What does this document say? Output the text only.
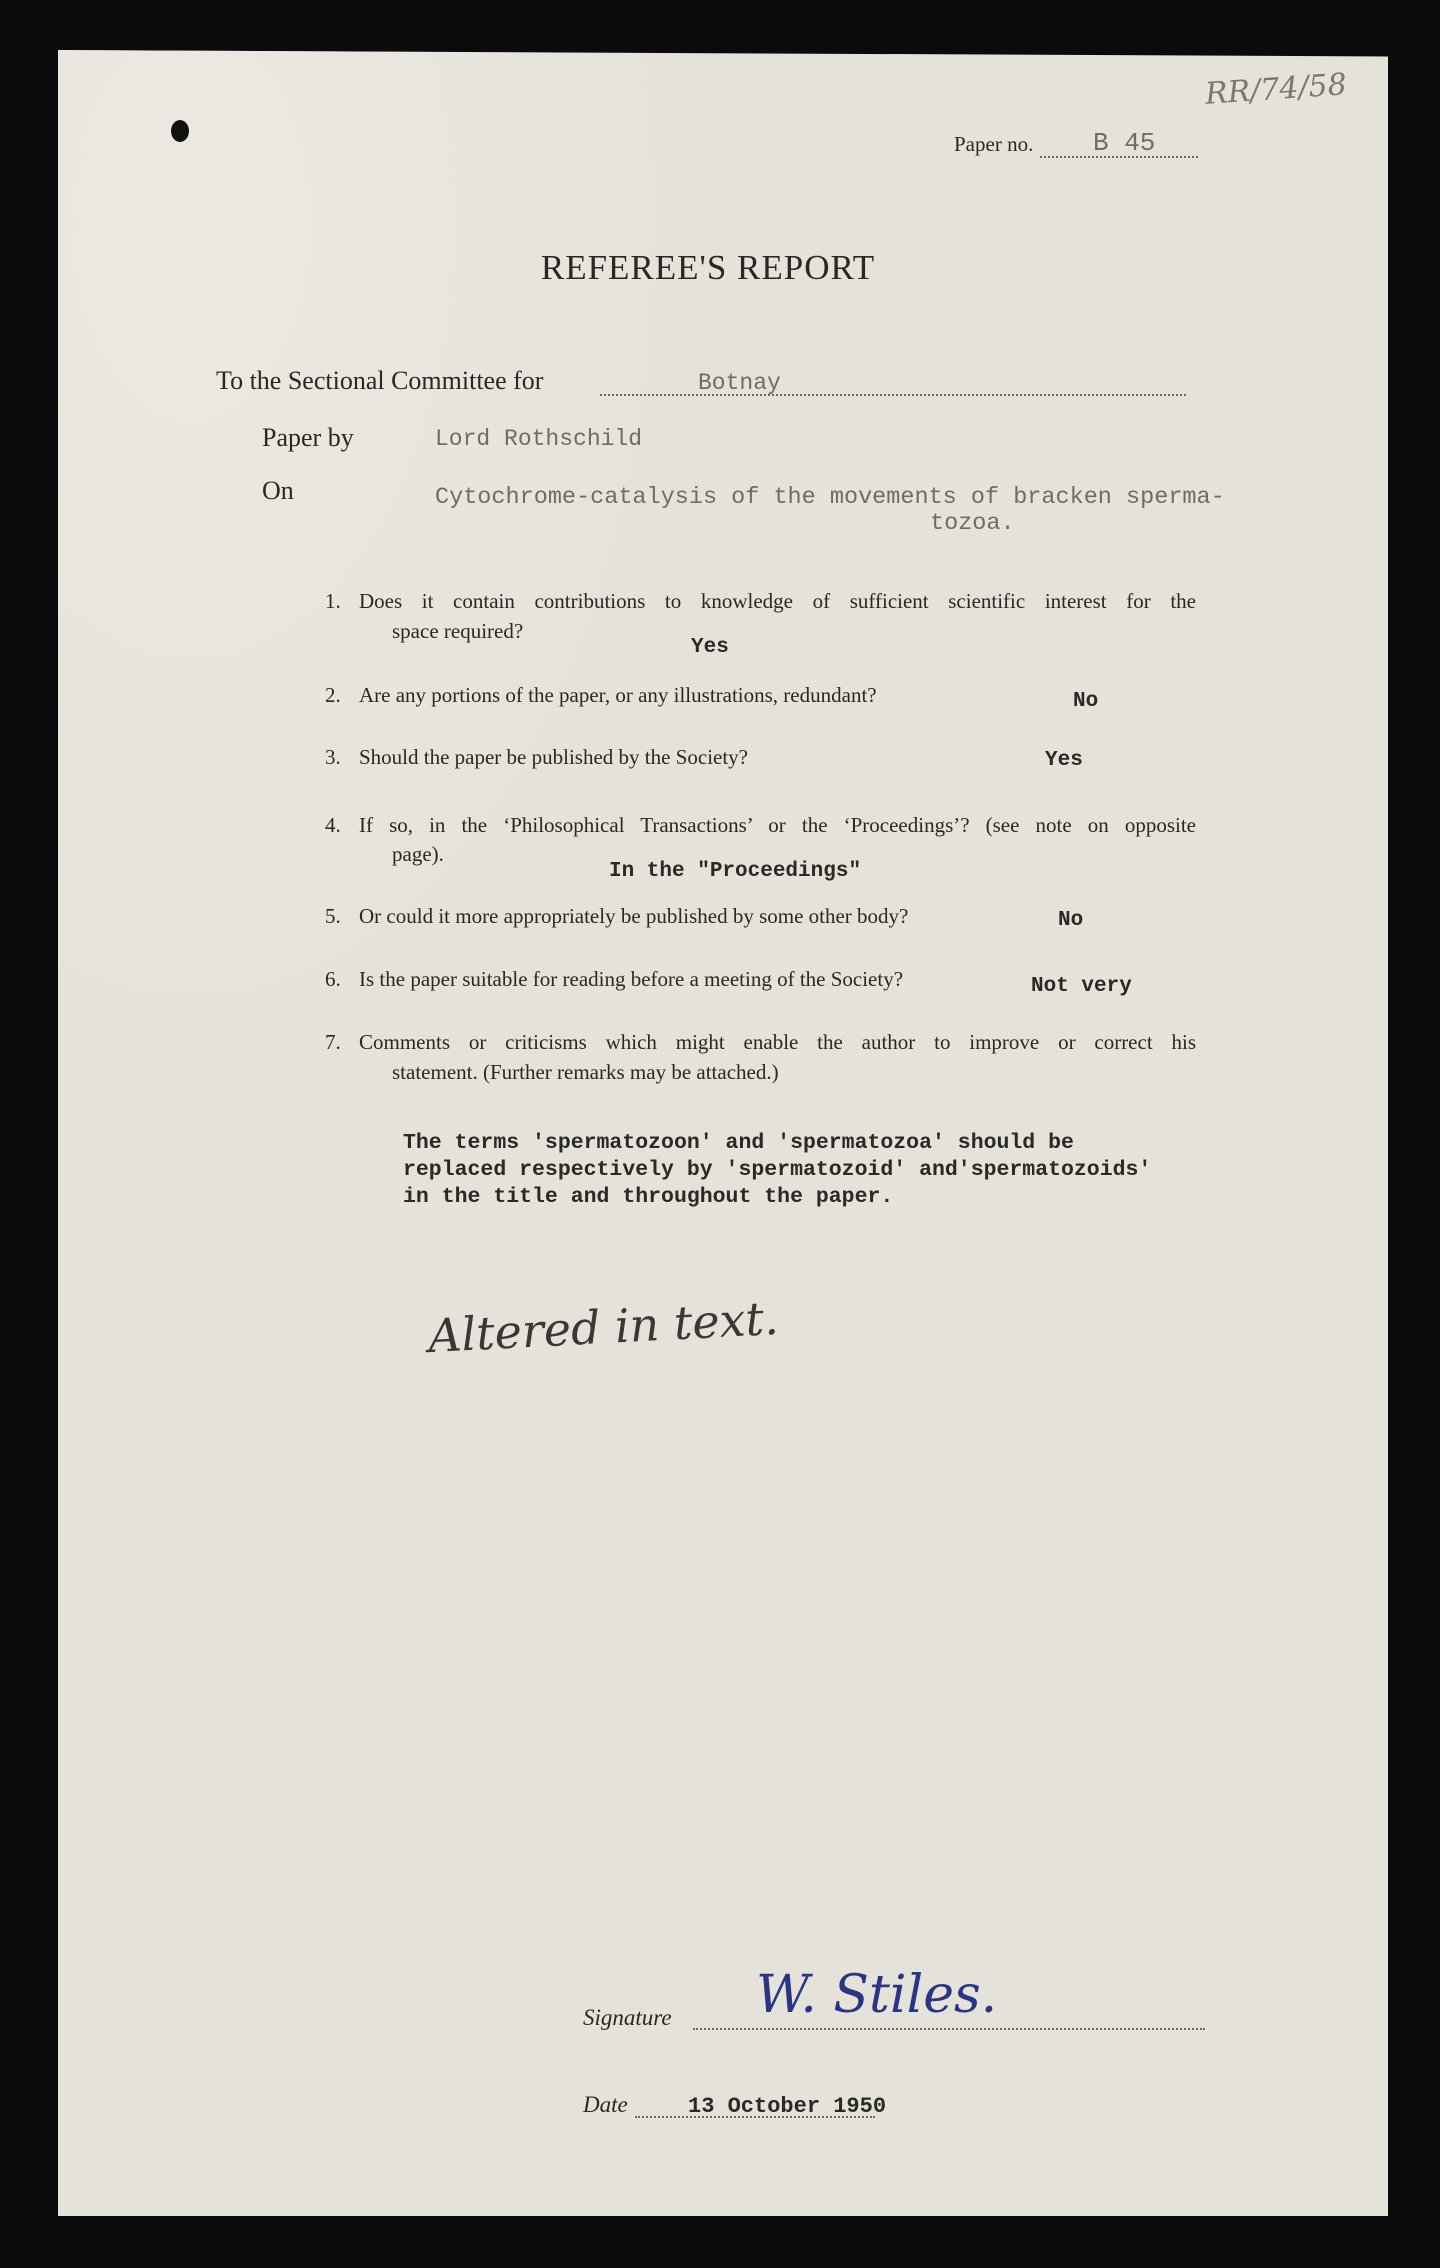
RR/74/58
Paper no. B 45
REFEREE'S REPORT
To the Sectional Committee for	Botnay
Paper by	Lord Rothschild
On	Cytochrome-catalysis of the movements of bracken sperma-
tozoa.
1. Does it contain contributions to knowledge of sufficient scientific interest for the
space required?
Yes
2. Are any portions of the paper, or any illustrations, redundant?	No
3. Should the paper be published by the Society?	Yes
4. If so, in the ‘Philosophical Transactions’ or the ‘Proceedings’? (see note on opposite
page).
In the "Proceedings"
5. Or could it more appropriately be published by some other body?	No
6. Is the paper suitable for reading before a meeting of the Society?	Not very
7. Comments or criticisms which might enable the author to improve or correct his
statement. (Further remarks may be attached.)
The terms 'spermatozoon' and 'spermatozoa' should be
replaced respectively by 'spermatozoid' and'spermatozoids'
in the title and throughout the paper.
Altered in text.
Signature W. Stiles.
Date	13 October 1950
